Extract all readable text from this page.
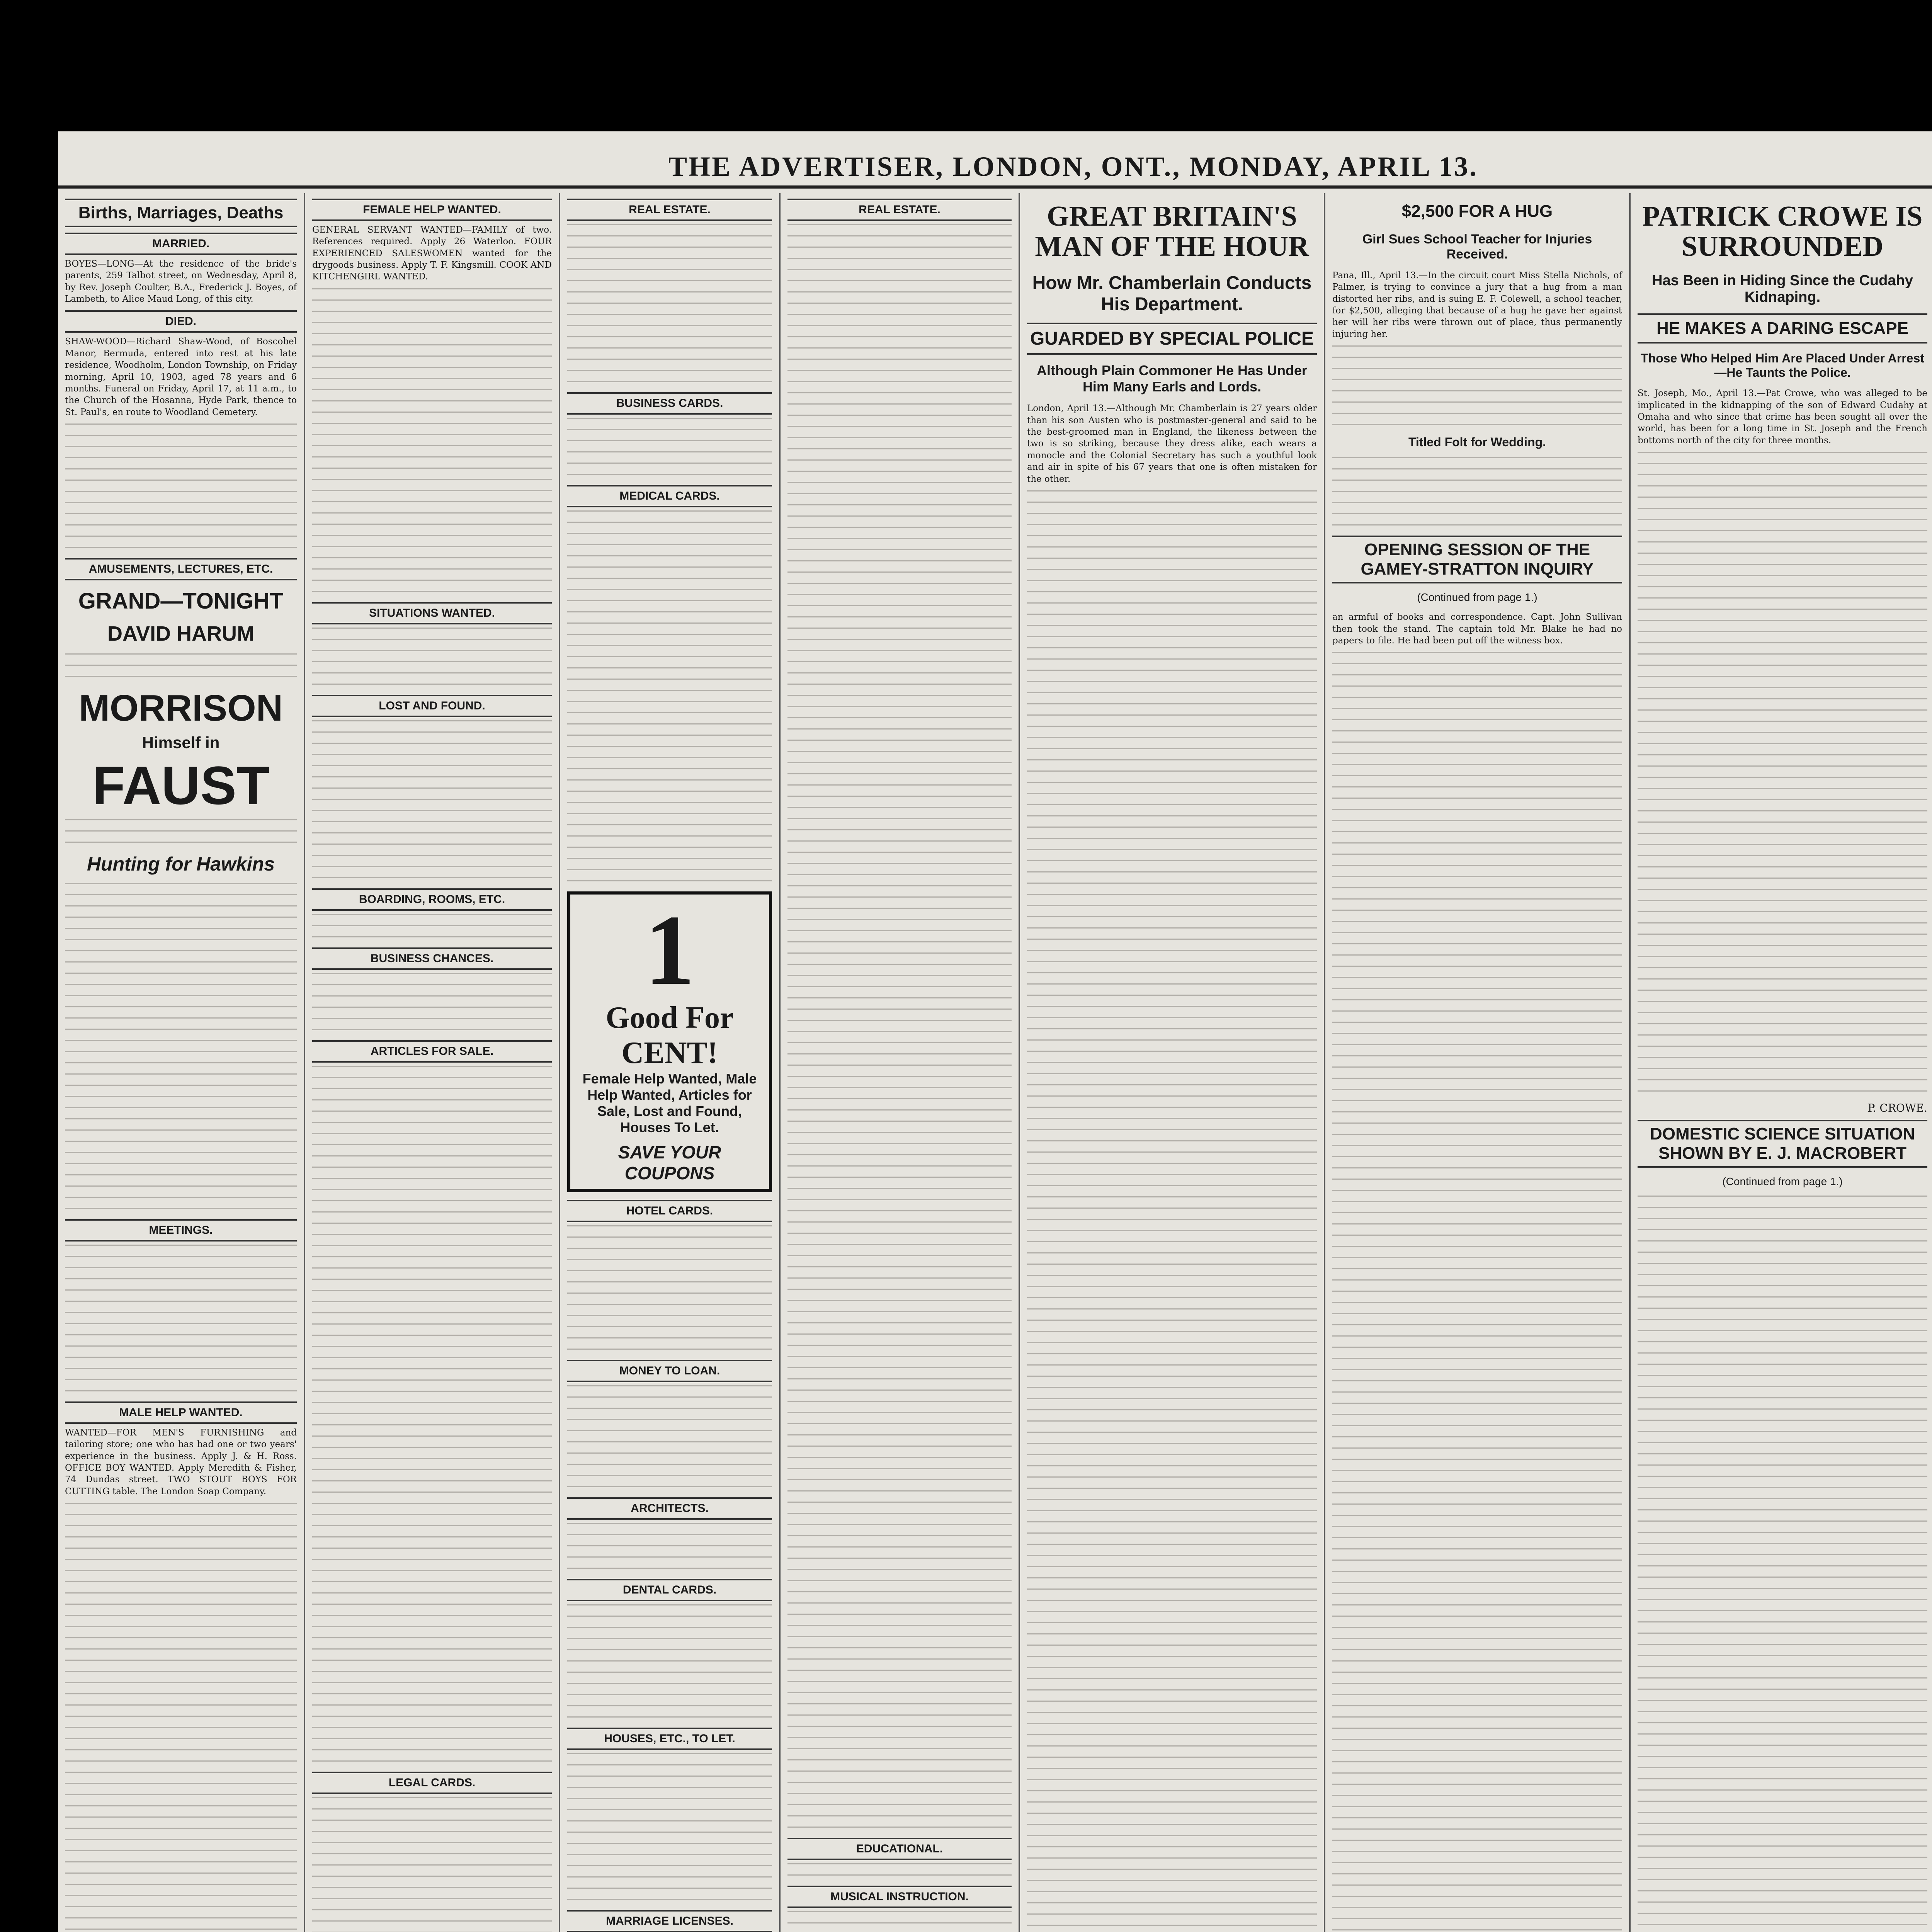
THE ADVERTISER, LONDON, ONT., MONDAY, APRIL 13.
Births, Marriages, Deaths
MARRIED.

BOYES—LONG—At the residence of the bride's parents, 259 Talbot street, on Wednesday, April 8, by Rev. Joseph Coulter, B.A., Frederick J. Boyes, of Lambeth, to Alice Maud Long, of this city.

DIED.

SHAW-WOOD—Richard Shaw-Wood, of Boscobel Manor, Bermuda, entered into rest at his late residence, Woodholm, London Township, on Friday morning, April 10, 1903, aged 78 years and 6 months. Funeral on Friday, April 17, at 11 a.m., to the Church of the Hosanna, Hyde Park, thence to St. Paul's, en route to Woodland Cemetery.

AMUSEMENTS, LECTURES, ETC.
GRAND—TONIGHT
DAVID HARUM
MORRISON
Himself in
FAUST
Hunting for Hawkins
MEETINGS.
MALE HELP WANTED.

WANTED—FOR MEN'S FURNISHING and tailoring store; one who has had one or two years' experience in the business. Apply J. & H. Ross. OFFICE BOY WANTED. Apply Meredith & Fisher, 74 Dundas street. TWO STOUT BOYS FOR CUTTING table. The London Soap Company.

FEMALE HELP WANTED.

GENERAL SERVANT WANTED—FAMILY of two. References required. Apply 26 Waterloo. FOUR EXPERIENCED SALESWOMEN wanted for the drygoods business. Apply T. F. Kingsmill. COOK AND KITCHENGIRL WANTED.

SITUATIONS WANTED.
LOST AND FOUND.
BOARDING, ROOMS, ETC.
BUSINESS CHANCES.
ARTICLES FOR SALE.
LEGAL CARDS.
REAL ESTATE.
BUSINESS CARDS.
MEDICAL CARDS.
1
Good For
CENT!
Female Help Wanted, Male Help Wanted, Articles for Sale, Lost and Found, Houses To Let.
SAVE YOUR COUPONS
HOTEL CARDS.
MONEY TO LOAN.
ARCHITECTS.
DENTAL CARDS.
HOUSES, ETC., TO LET.
MARRIAGE LICENSES.
REAL ESTATE.
EDUCATIONAL.
MUSICAL INSTRUCTION.
GREAT BRITAIN'S MAN OF THE HOUR
How Mr. Chamberlain Conducts His Department.
GUARDED BY SPECIAL POLICE
Although Plain Commoner He Has Under Him Many Earls and Lords.

London, April 13.—Although Mr. Chamberlain is 27 years older than his son Austen who is postmaster-general and said to be the best-groomed man in England, the likeness between the two is so striking, because they dress alike, each wears a monocle and the Colonial Secretary has such a youthful look and air in spite of his 67 years that one is often mistaken for the other.

$2,500 FOR A HUG
Girl Sues School Teacher for Injuries Received.

Pana, Ill., April 13.—In the circuit court Miss Stella Nichols, of Palmer, is trying to convince a jury that a hug from a man distorted her ribs, and is suing E. F. Colewell, a school teacher, for $2,500, alleging that because of a hug he gave her against her will her ribs were thrown out of place, thus permanently injuring her.

Titled Folt for Wedding.
OPENING SESSION OF THE GAMEY-STRATTON INQUIRY
(Continued from page 1.)

an armful of books and correspondence. Capt. John Sullivan then took the stand. The captain told Mr. Blake he had no papers to file. He had been put off the witness box.

PATRICK CROWE IS SURROUNDED
Has Been in Hiding Since the Cudahy Kidnaping.
HE MAKES A DARING ESCAPE
Those Who Helped Him Are Placed Under Arrest—He Taunts the Police.

St. Joseph, Mo., April 13.—Pat Crowe, who was alleged to be implicated in the kidnapping of the son of Edward Cudahy at Omaha and who since that crime has been sought all over the world, has been for a long time in St. Joseph and the French bottoms north of the city for three months.

P. CROWE.
DOMESTIC SCIENCE SITUATION SHOWN BY E. J. MACROBERT
(Continued from page 1.)
